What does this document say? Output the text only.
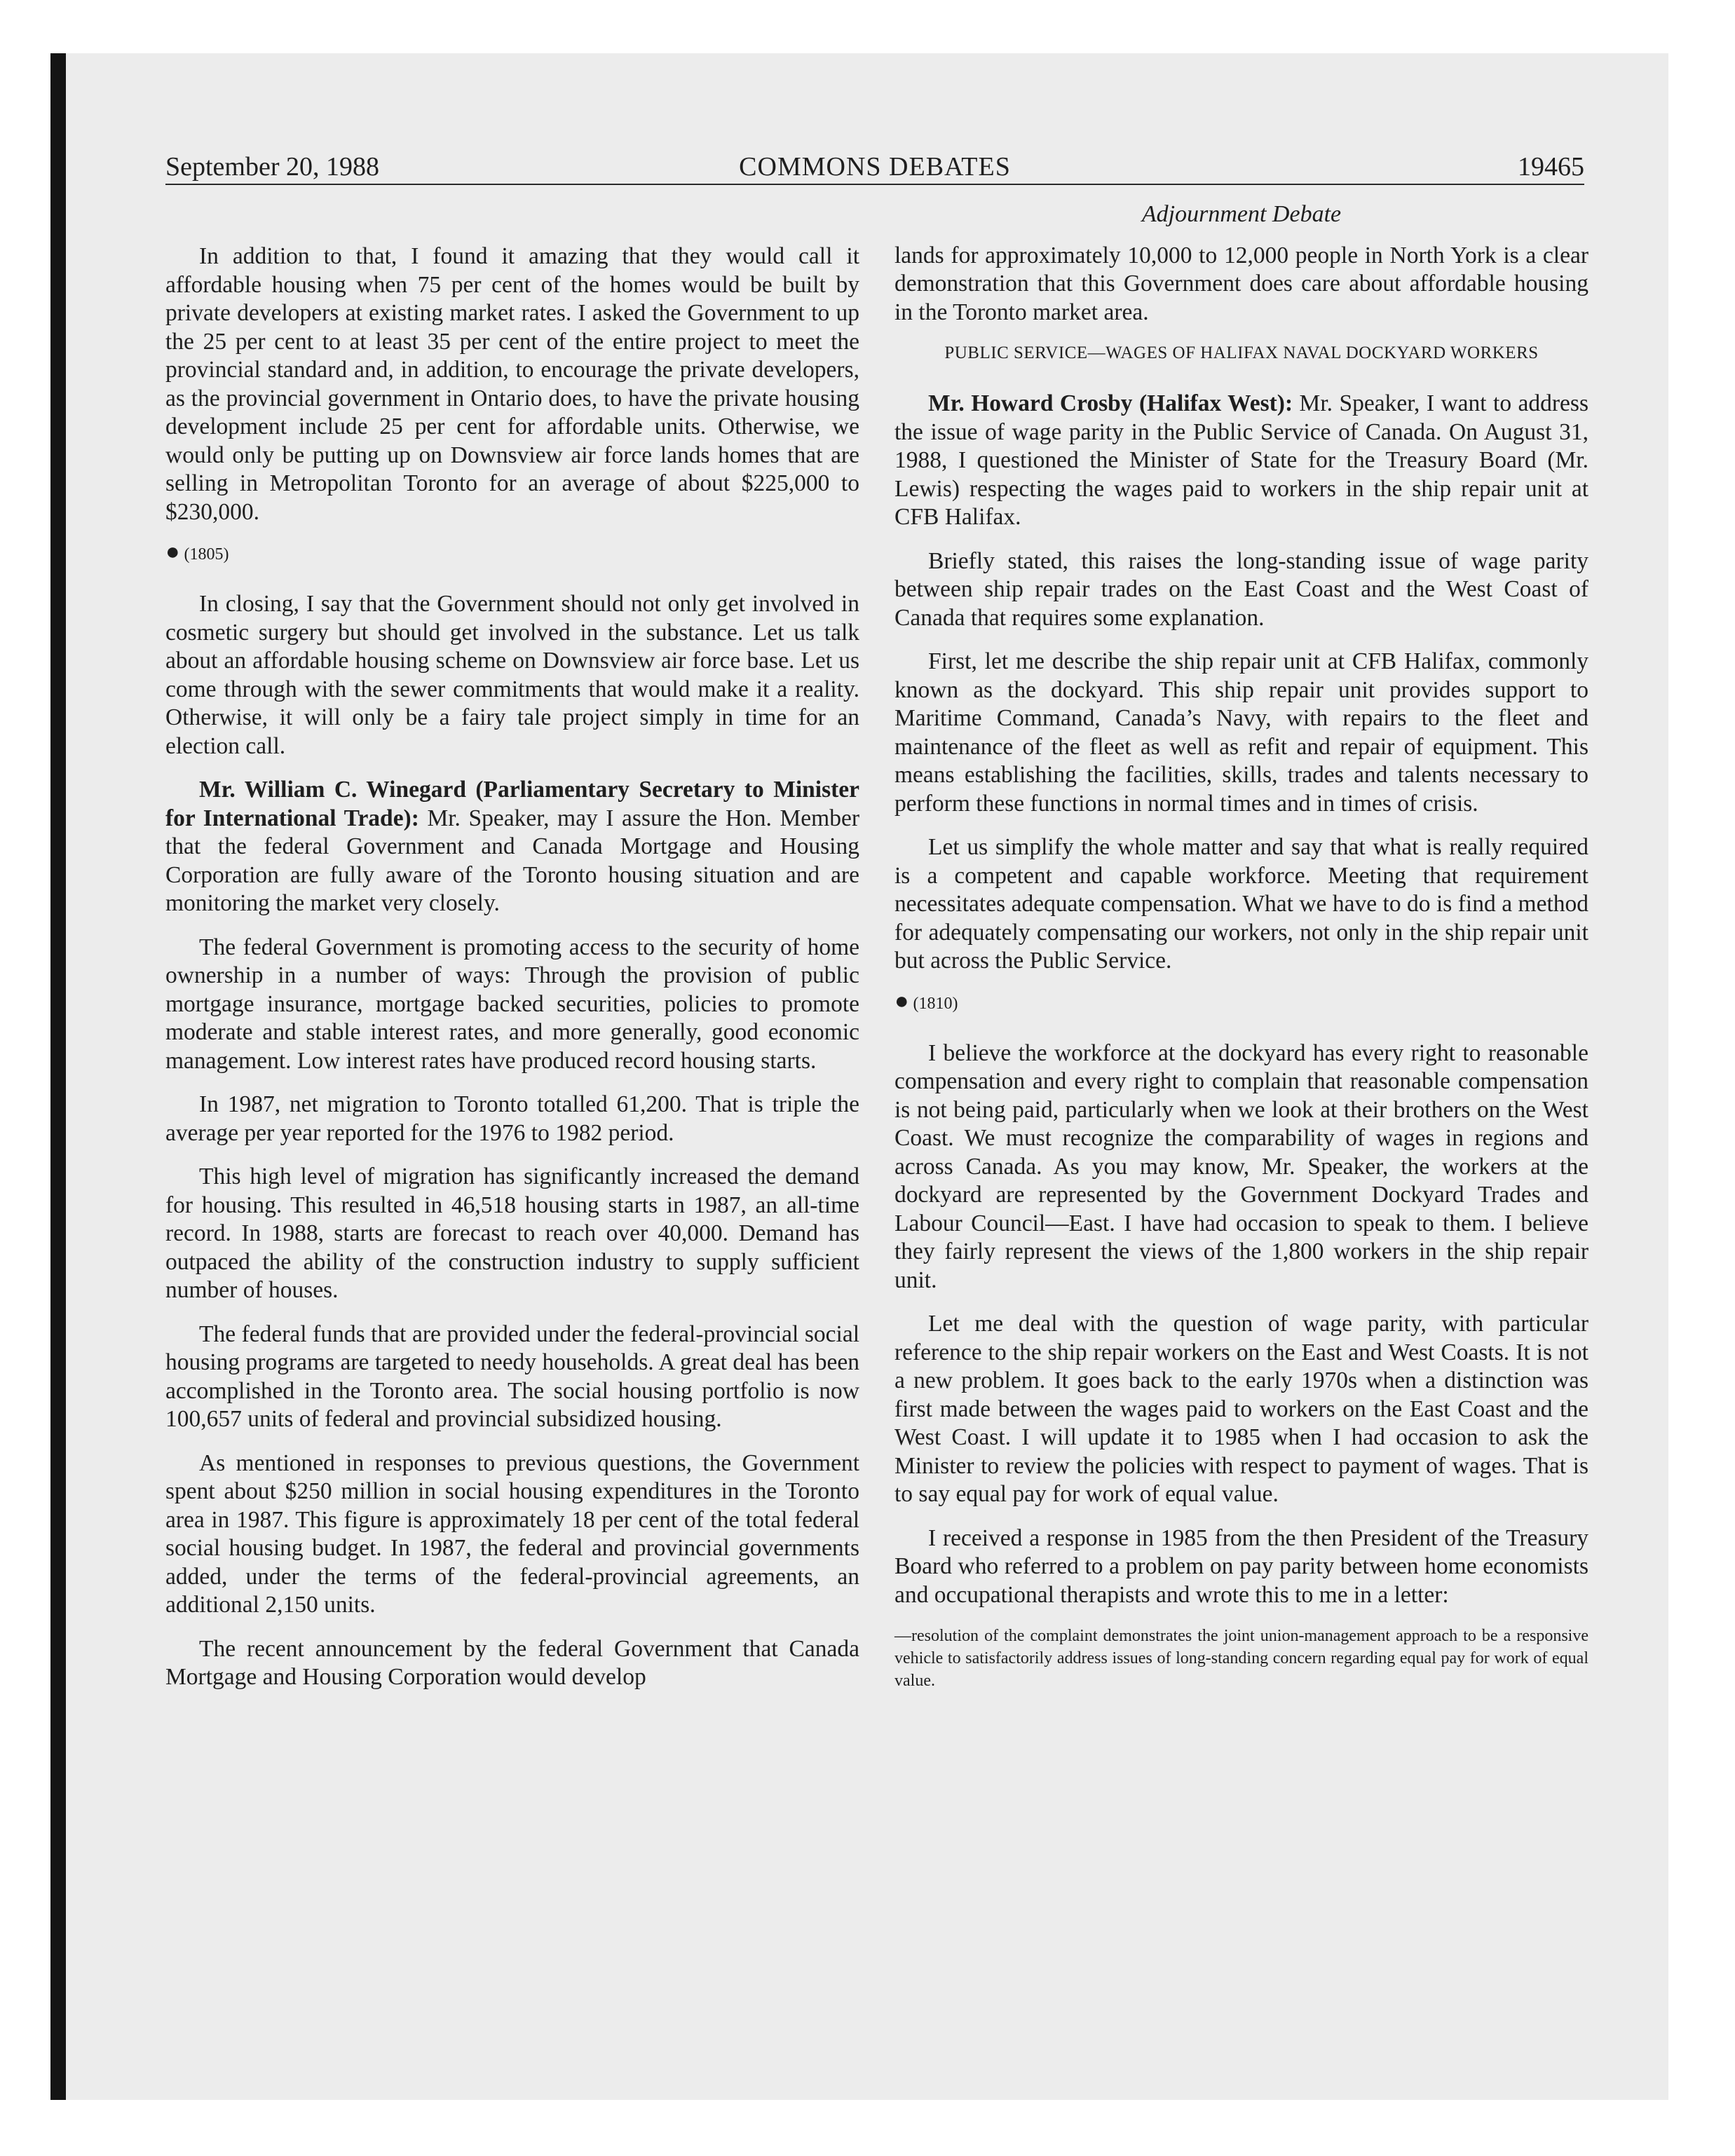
September 20, 1988	COMMONS DEBATES	19465

In addition to that, I found it amazing that they would call it affordable housing when 75 per cent of the homes would be built by private developers at existing market rates. I asked the Government to up the 25 per cent to at least 35 per cent of the entire project to meet the provincial standard and, in addition, to encourage the private developers, as the provincial government in Ontario does, to have the private housing development include 25 per cent for affordable units. Otherwise, we would only be putting up on Downsview air force lands homes that are selling in Metropolitan Toronto for an average of about $225,000 to $230,000.

● (1805)

In closing, I say that the Government should not only get involved in cosmetic surgery but should get involved in the substance. Let us talk about an affordable housing scheme on Downsview air force base. Let us come through with the sewer commitments that would make it a reality. Otherwise, it will only be a fairy tale project simply in time for an election call.

Mr. William C. Winegard (Parliamentary Secretary to Minister for International Trade): Mr. Speaker, may I assure the Hon. Member that the federal Government and Canada Mortgage and Housing Corporation are fully aware of the Toronto housing situation and are monitoring the market very closely.

The federal Government is promoting access to the security of home ownership in a number of ways: Through the provision of public mortgage insurance, mortgage backed securities, policies to promote moderate and stable interest rates, and more generally, good economic management. Low interest rates have produced record housing starts.

In 1987, net migration to Toronto totalled 61,200. That is triple the average per year reported for the 1976 to 1982 period.

This high level of migration has significantly increased the demand for housing. This resulted in 46,518 housing starts in 1987, an all-time record. In 1988, starts are forecast to reach over 40,000. Demand has outpaced the ability of the construction industry to supply sufficient number of houses.

The federal funds that are provided under the federal-provincial social housing programs are targeted to needy households. A great deal has been accomplished in the Toronto area. The social housing portfolio is now 100,657 units of federal and provincial subsidized housing.

As mentioned in responses to previous questions, the Government spent about $250 million in social housing expenditures in the Toronto area in 1987. This figure is approximately 18 per cent of the total federal social housing budget. In 1987, the federal and provincial governments added, under the terms of the federal-provincial agreements, an additional 2,150 units.

The recent announcement by the federal Government that Canada Mortgage and Housing Corporation would develop

Adjournment Debate

lands for approximately 10,000 to 12,000 people in North York is a clear demonstration that this Government does care about affordable housing in the Toronto market area.

PUBLIC SERVICE—WAGES OF HALIFAX NAVAL DOCKYARD WORKERS

Mr. Howard Crosby (Halifax West): Mr. Speaker, I want to address the issue of wage parity in the Public Service of Canada. On August 31, 1988, I questioned the Minister of State for the Treasury Board (Mr. Lewis) respecting the wages paid to workers in the ship repair unit at CFB Halifax.

Briefly stated, this raises the long-standing issue of wage parity between ship repair trades on the East Coast and the West Coast of Canada that requires some explanation.

First, let me describe the ship repair unit at CFB Halifax, commonly known as the dockyard. This ship repair unit provides support to Maritime Command, Canada’s Navy, with repairs to the fleet and maintenance of the fleet as well as refit and repair of equipment. This means establishing the facilities, skills, trades and talents necessary to perform these functions in normal times and in times of crisis.

Let us simplify the whole matter and say that what is really required is a competent and capable workforce. Meeting that requirement necessitates adequate compensation. What we have to do is find a method for adequately compensating our workers, not only in the ship repair unit but across the Public Service.

● (1810)

I believe the workforce at the dockyard has every right to reasonable compensation and every right to complain that reasonable compensation is not being paid, particularly when we look at their brothers on the West Coast. We must recognize the comparability of wages in regions and across Canada. As you may know, Mr. Speaker, the workers at the dockyard are represented by the Government Dockyard Trades and Labour Council—East. I have had occasion to speak to them. I believe they fairly represent the views of the 1,800 workers in the ship repair unit.

Let me deal with the question of wage parity, with particular reference to the ship repair workers on the East and West Coasts. It is not a new problem. It goes back to the early 1970s when a distinction was first made between the wages paid to workers on the East Coast and the West Coast. I will update it to 1985 when I had occasion to ask the Minister to review the policies with respect to payment of wages. That is to say equal pay for work of equal value.

I received a response in 1985 from the then President of the Treasury Board who referred to a problem on pay parity between home economists and occupational therapists and wrote this to me in a letter:

—resolution of the complaint demonstrates the joint union-management approach to be a responsive vehicle to satisfactorily address issues of long-standing concern regarding equal pay for work of equal value.
